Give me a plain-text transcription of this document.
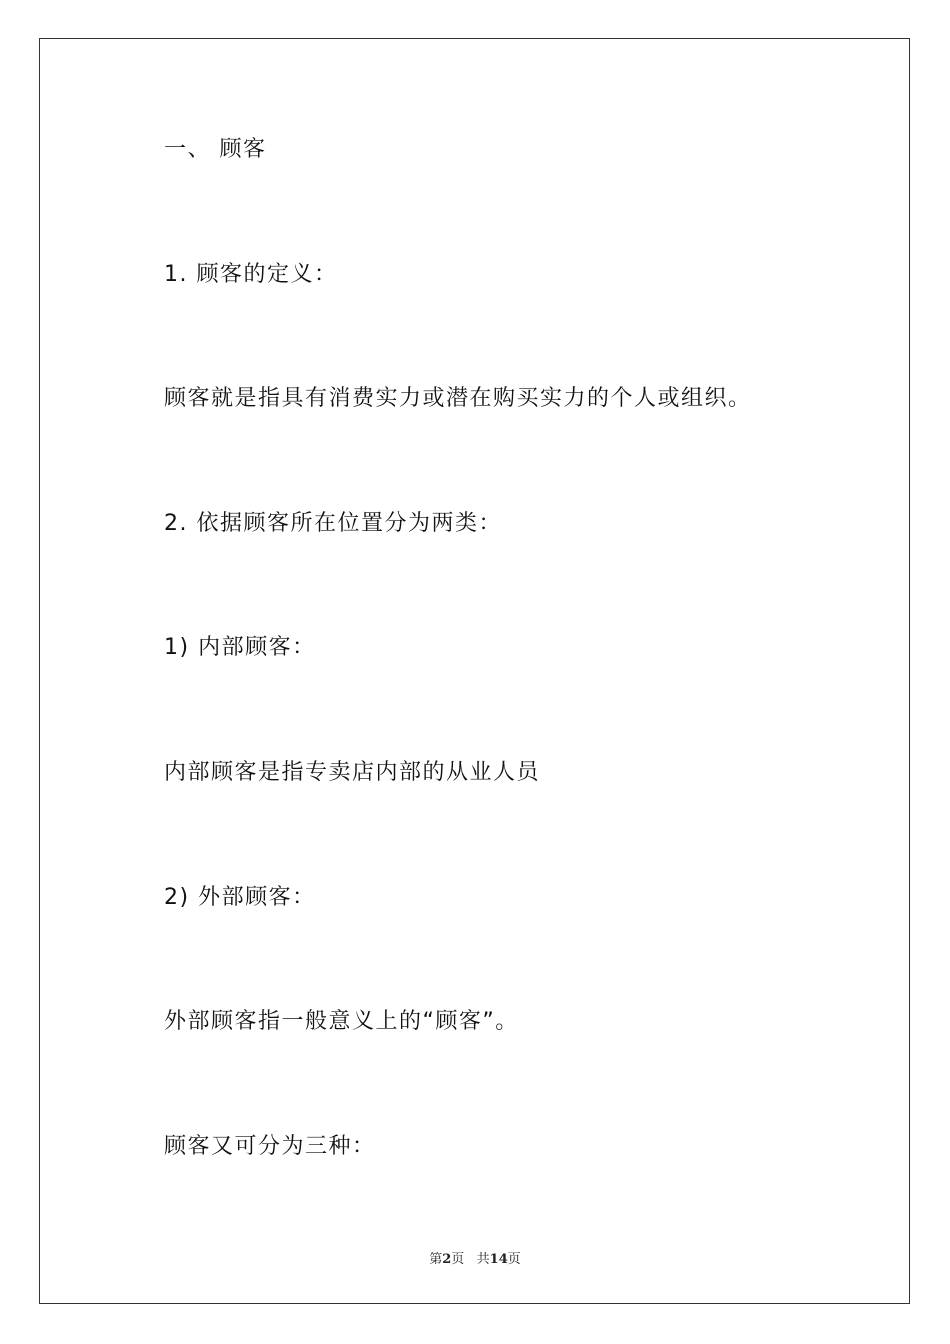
一、 顾客

1. 顾客的定义：

顾客就是指具有消费实力或潜在购买实力的个人或组织。

2. 依据顾客所在位置分为两类：

1) 内部顾客：

内部顾客是指专卖店内部的从业人员

2) 外部顾客：

外部顾客指一般意义上的“顾客”。

顾客又可分为三种：

第2页   共14页
